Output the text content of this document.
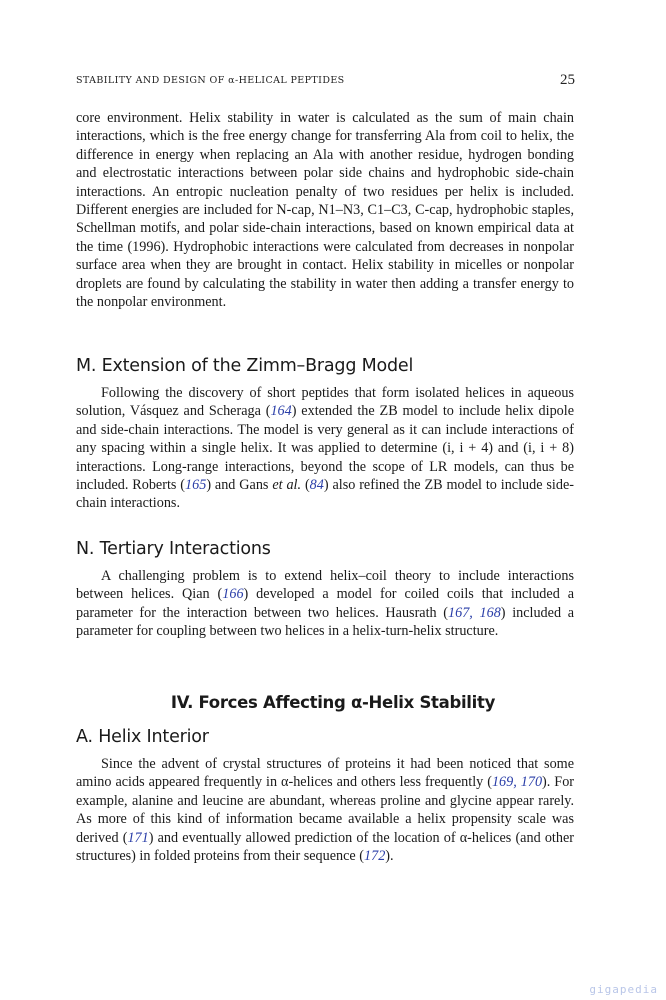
STABILITY AND DESIGN OF α-HELICAL PEPTIDES	25

core environment. Helix stability in water is calculated as the sum of main chain interactions, which is the free energy change for transferring Ala from coil to helix, the difference in energy when replacing an Ala with another residue, hydrogen bonding and electrostatic interactions between polar side chains and hydrophobic side-chain interactions. An entropic nucleation penalty of two residues per helix is included. Different energies are included for N-cap, N1–N3, C1–C3, C-cap, hydrophobic staples, Schellman motifs, and polar side-chain interactions, based on known empirical data at the time (1996). Hydrophobic interactions were calculated from decreases in nonpolar surface area when they are brought in contact. Helix stability in micelles or nonpolar droplets are found by calculating the stability in water then adding a transfer energy to the nonpolar environment.

M. Extension of the Zimm–Bragg Model

Following the discovery of short peptides that form isolated helices in aqueous solution, Vásquez and Scheraga (164) extended the ZB model to include helix dipole and side-chain interactions. The model is very general as it can include interactions of any spacing within a single helix. It was applied to determine (i, i + 4) and (i, i + 8) interactions. Long-range interactions, beyond the scope of LR models, can thus be included. Roberts (165) and Gans et al. (84) also refined the ZB model to include side-chain interactions.

N. Tertiary Interactions

A challenging problem is to extend helix–coil theory to include interactions between helices. Qian (166) developed a model for coiled coils that included a parameter for the interaction between two helices. Hausrath (167, 168) included a parameter for coupling between two helices in a helix-turn-helix structure.

IV. Forces Affecting α-Helix Stability
A. Helix Interior

Since the advent of crystal structures of proteins it had been noticed that some amino acids appeared frequently in α-helices and others less frequently (169, 170). For example, alanine and leucine are abundant, whereas proline and glycine appear rarely. As more of this kind of information became available a helix propensity scale was derived (171) and eventually allowed prediction of the location of α-helices (and other structures) in folded proteins from their sequence (172).

gigapedia
